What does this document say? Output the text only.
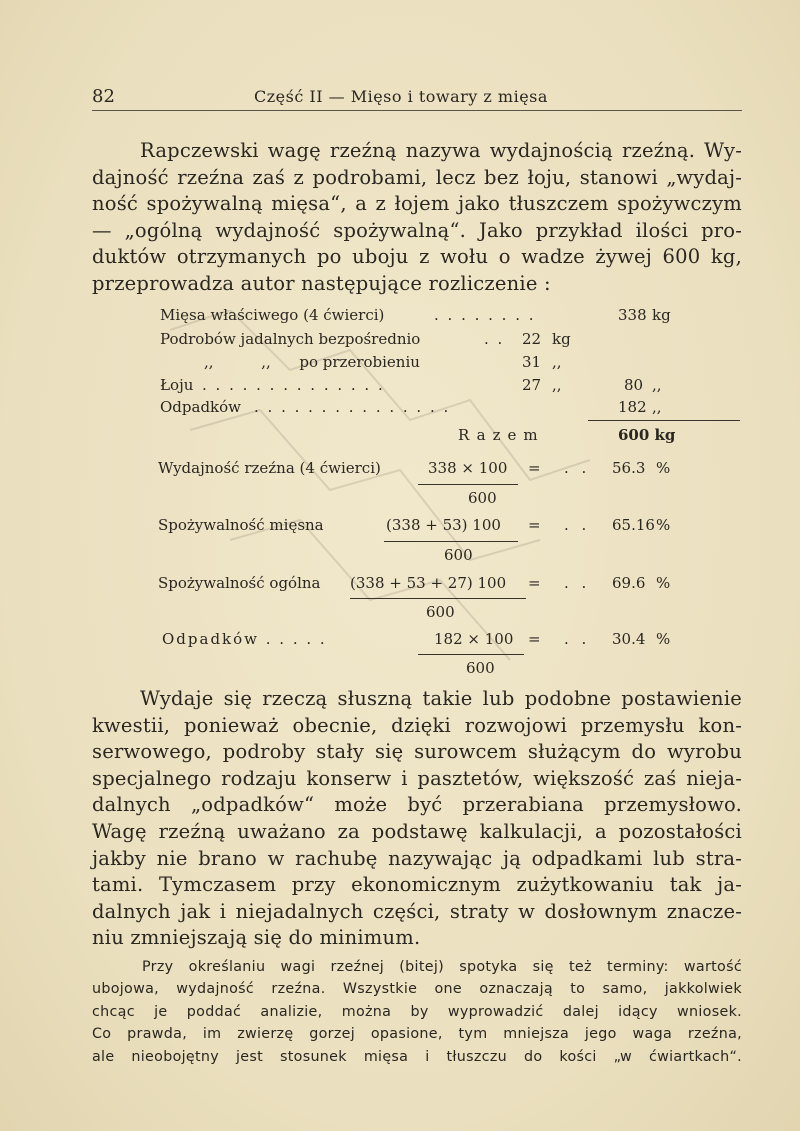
82	Część II — Mięso i towary z mięsa
Rapczewski wagę rzeźną nazywa wydajnością rzeźną. Wy-
dajność rzeźna zaś z podrobami, lecz bez łoju, stanowi „wydaj-
ność spożywalną mięsa“, a z łojem jako tłuszczem spożywczym
— „ogólną wydajność spożywalną“. Jako przykład ilości pro-
duktów otrzymanych po uboju z wołu o wadze żywej 600 kg,
przeprowadza autor następujące rozliczenie :
Mięsa właściwego (4 ćwierci)	. . . . . . . .	338 kg
Podrobów jadalnych bezpośrednio	. . 22 kg
,,          ,,      po przerobieniu	31 ,,
Łoju . . . . . . . . . . . . . .	27 ,,	80 ,,
Odpadków . . . . . . . . . . . . . . .	182 ,,
Razem	600 kg
Wydajność rzeźna (4 ćwierci)	338 × 100 = . . 56.3 %
600
Spożywalność mięsna	(338 + 53) 100 = . . 65.16 %
600
Spożywalność ogólna (338 + 53 + 27) 100 = . . 69.6 %
600
Odpadków . . . . .	182 × 100 = . . 30.4 %
600
Wydaje się rzeczą słuszną takie lub podobne postawienie
kwestii, ponieważ obecnie, dzięki rozwojowi przemysłu kon-
serwowego, podroby stały się surowcem służącym do wyrobu
specjalnego rodzaju konserw i pasztetów, większość zaś nieja-
dalnych „odpadków“ może być przerabiana przemysłowo.
Wagę rzeźną uważano za podstawę kalkulacji, a pozostałości
jakby nie brano w rachubę nazywając ją odpadkami lub stra-
tami. Tymczasem przy ekonomicznym zużytkowaniu tak ja-
dalnych jak i niejadalnych części, straty w dosłownym znacze-
niu zmniejszają się do minimum.
Przy określaniu wagi rzeźnej (bitej) spotyka się też terminy: wartość
ubojowa, wydajność rzeźna. Wszystkie one oznaczają to samo, jakkolwiek
chcąc je poddać analizie, można by wyprowadzić dalej idący wniosek.
Co prawda, im zwierzę gorzej opasione, tym mniejsza jego waga rzeźna,
ale nieobojętny jest stosunek mięsa i tłuszczu do kości „w ćwiartkach“.
